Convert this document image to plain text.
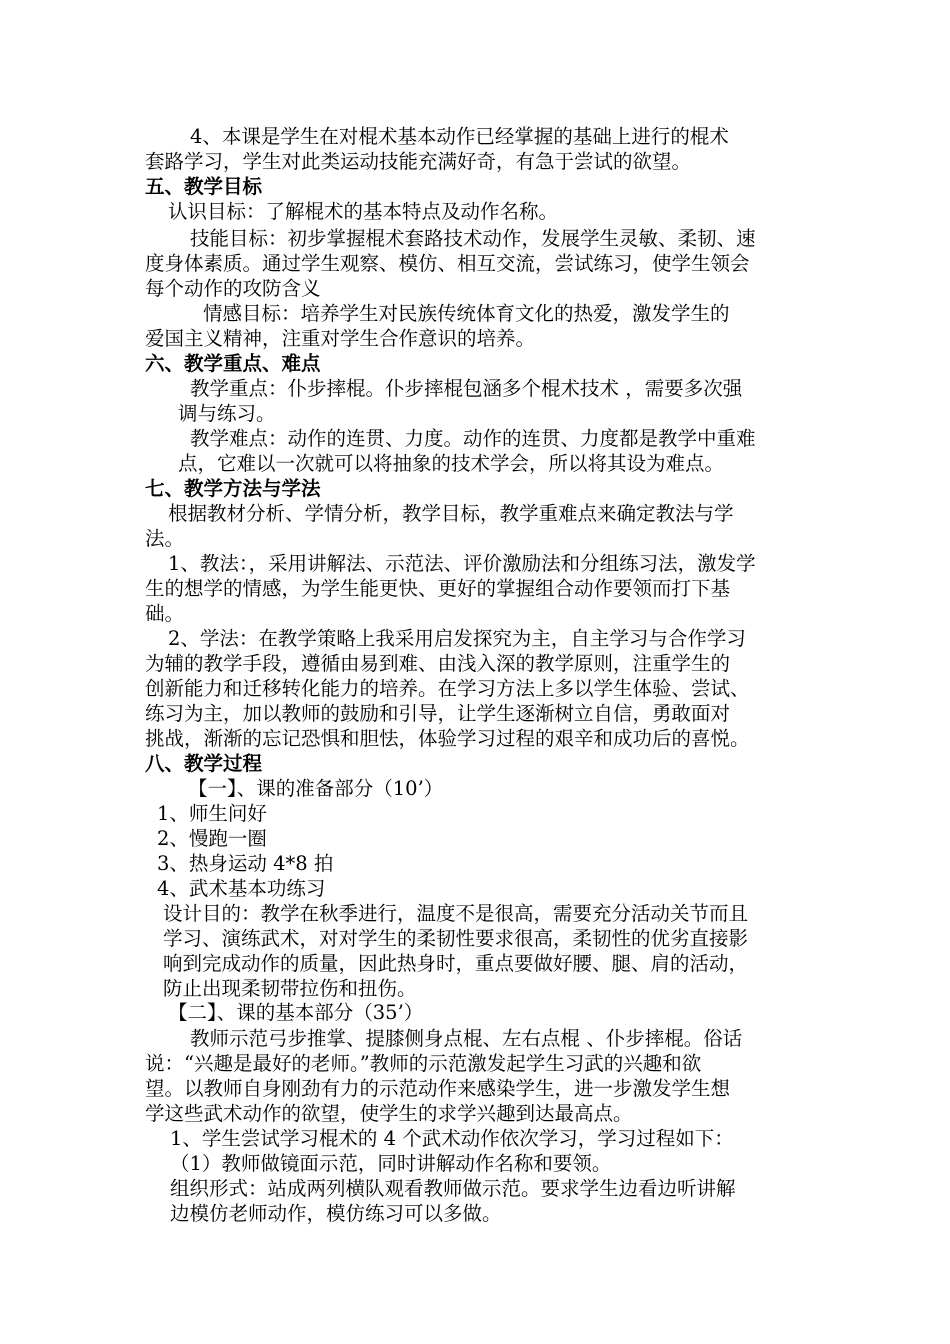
4、本课是学生在对棍术基本动作已经掌握的基础上进行的棍术
套路学习，学生对此类运动技能充满好奇，有急于尝试的欲望。
五、教学目标
认识目标：了解棍术的基本特点及动作名称。
技能目标：初步掌握棍术套路技术动作，发展学生灵敏、柔韧、速
度身体素质。通过学生观察、模仿、相互交流，尝试练习，使学生领会
每个动作的攻防含义
情感目标：培养学生对民族传统体育文化的热爱，激发学生的
爱国主义精神，注重对学生合作意识的培养。
六、教学重点、难点
教学重点：仆步摔棍。仆步摔棍包涵多个棍术技术 ，需要多次强
调与练习。
教学难点：动作的连贯、力度。动作的连贯、力度都是教学中重难
点，它难以一次就可以将抽象的技术学会，所以将其设为难点。
七、教学方法与学法
根据教材分析、学情分析，教学目标，教学重难点来确定教法与学
法。
1、教法：，采用讲解法、示范法、评价激励法和分组练习法，激发学
生的想学的情感，为学生能更快、更好的掌握组合动作要领而打下基
础。
2、学法：在教学策略上我采用启发探究为主，自主学习与合作学习
为辅的教学手段，遵循由易到难、由浅入深的教学原则，注重学生的
创新能力和迁移转化能力的培养。在学习方法上多以学生体验、尝试、
练习为主，加以教师的鼓励和引导，让学生逐渐树立自信，勇敢面对
挑战，渐渐的忘记恐惧和胆怯，体验学习过程的艰辛和成功后的喜悦。
八、教学过程
【一】、课的准备部分（10’）
1、师生问好
2、慢跑一圈
3、热身运动 4*8 拍
4、武术基本功练习
设计目的：教学在秋季进行，温度不是很高，需要充分活动关节而且
学习、演练武术，对对学生的柔韧性要求很高，柔韧性的优劣直接影
响到完成动作的质量，因此热身时，重点要做好腰、腿、肩的活动，
防止出现柔韧带拉伤和扭伤。
【二】、课的基本部分（35’）
教师示范弓步推掌、提膝侧身点棍、左右点棍 、仆步摔棍。俗话
说：“兴趣是最好的老师。”教师的示范激发起学生习武的兴趣和欲
望。以教师自身刚劲有力的示范动作来感染学生，进一步激发学生想
学这些武术动作的欲望，使学生的求学兴趣到达最高点。
1、学生尝试学习棍术的 4 个武术动作依次学习，学习过程如下：
（1）教师做镜面示范，同时讲解动作名称和要领。
组织形式：站成两列横队观看教师做示范。要求学生边看边听讲解
边模仿老师动作，模仿练习可以多做。
